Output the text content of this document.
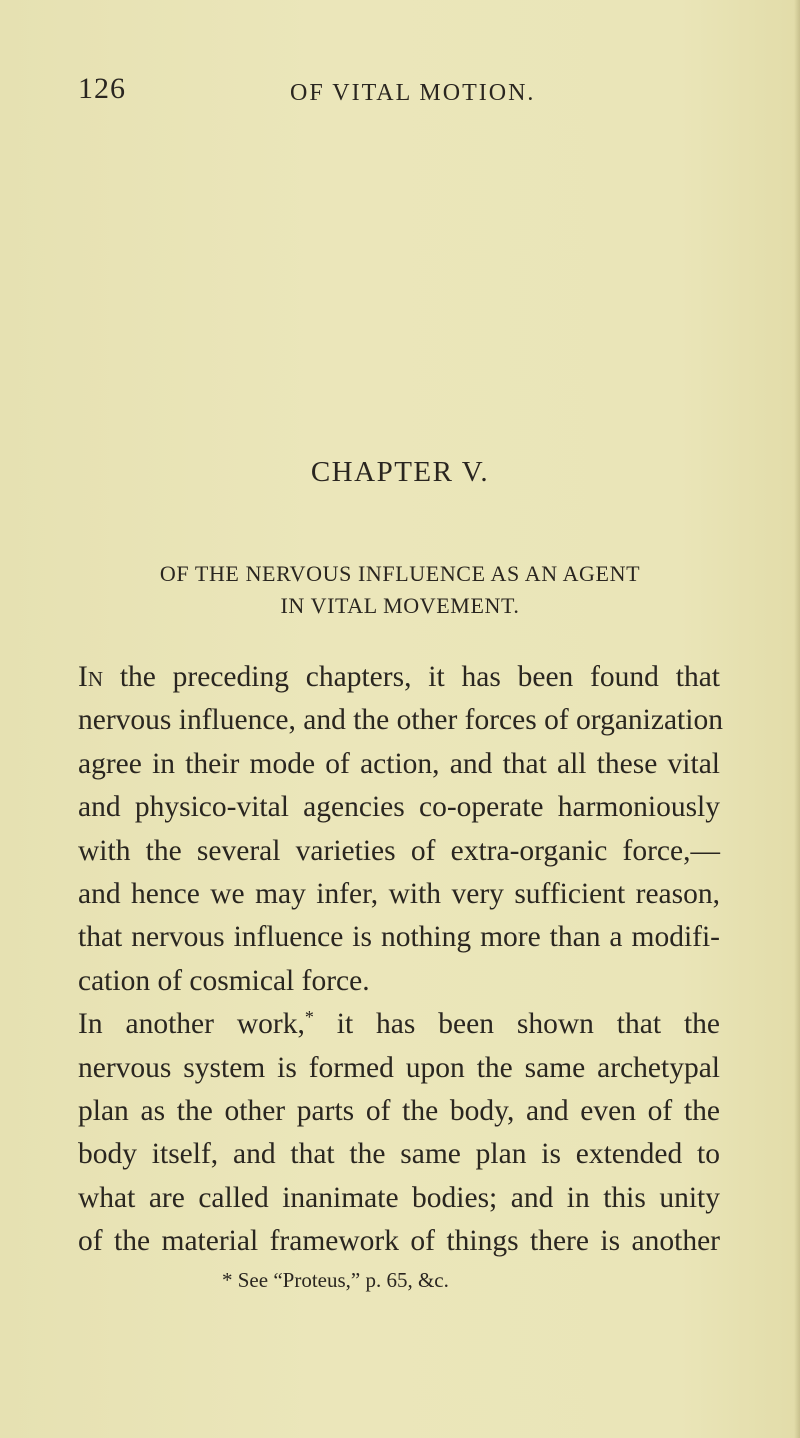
126	OF VITAL MOTION.
CHAPTER V.
OF THE NERVOUS INFLUENCE AS AN AGENT
IN VITAL MOVEMENT.

In the preceding chapters, it has been found that
nervous influence, and the other forces of organization
agree in their mode of action, and that all these vital
and physico-vital agencies co-operate harmoniously
with the several varieties of extra-organic force,—
and hence we may infer, with very sufficient reason,
that nervous influence is nothing more than a modifi-
cation of cosmical force.

In another work,* it has been shown that the
nervous system is formed upon the same archetypal
plan as the other parts of the body, and even of the
body itself, and that the same plan is extended to
what are called inanimate bodies; and in this unity
of the material framework of things there is another

* See “Proteus,” p. 65, &c.
